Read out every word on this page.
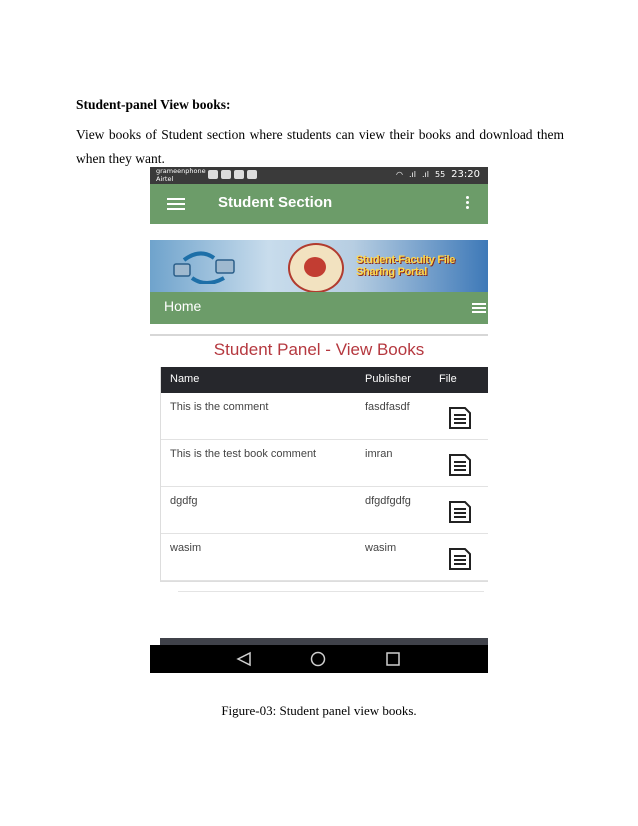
Student-panel View books:
View books of Student section where students can view their books and download them when they want.
grameenphone
Airtel	◠ .ıl .ıl 55 23:20
Student Section
Student-Faculty File Sharing Portal
Home
Student Panel - View Books
Name	Publisher	File
This is the comment	fasdfasdf
This is the test book comment	imran
dgdfg	dfgdfgdfg
wasim	wasim
Figure-03: Student panel view books.
